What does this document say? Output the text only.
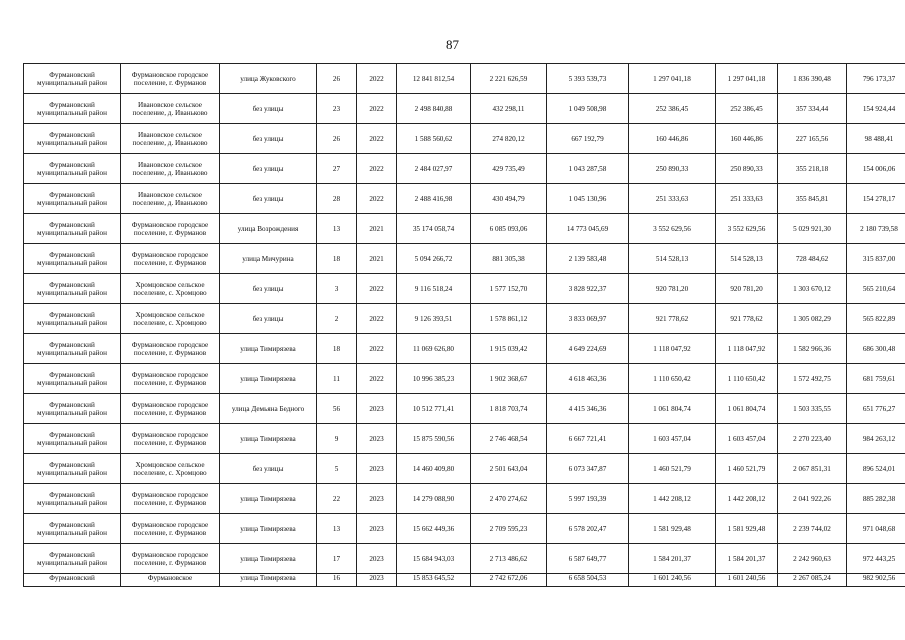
87
Фурмановский муниципальный район	Фурмановское городское поселение, г. Фурманов	улица Жуковского	26	2022	12 841 812,54	2 221 626,59	5 393 539,73	1 297 041,18	1 297 041,18	1 836 390,48	796 173,37
Фурмановский муниципальный район	Ивановское сельское поселение, д. Иваньково	без улицы	23	2022	2 498 840,88	432 298,11	1 049 508,98	252 386,45	252 386,45	357 334,44	154 924,44
Фурмановский муниципальный район	Ивановское сельское поселение, д. Иваньково	без улицы	26	2022	1 588 560,62	274 820,12	667 192,79	160 446,86	160 446,86	227 165,56	98 488,41
Фурмановский муниципальный район	Ивановское сельское поселение, д. Иваньково	без улицы	27	2022	2 484 027,97	429 735,49	1 043 287,58	250 890,33	250 890,33	355 218,18	154 006,06
Фурмановский муниципальный район	Ивановское сельское поселение, д. Иваньково	без улицы	28	2022	2 488 416,98	430 494,79	1 045 130,96	251 333,63	251 333,63	355 845,81	154 278,17
Фурмановский муниципальный район	Фурмановское городское поселение, г. Фурманов	улица Возрождения	13	2021	35 174 058,74	6 085 093,06	14 773 045,69	3 552 629,56	3 552 629,56	5 029 921,30	2 180 739,58
Фурмановский муниципальный район	Фурмановское городское поселение, г. Фурманов	улица Мичурина	18	2021	5 094 266,72	881 305,38	2 139 583,48	514 528,13	514 528,13	728 484,62	315 837,00
Фурмановский муниципальный район	Хромцовское сельское поселение, с. Хромцово	без улицы	3	2022	9 116 518,24	1 577 152,70	3 828 922,37	920 781,20	920 781,20	1 303 670,12	565 210,64
Фурмановский муниципальный район	Хромцовское сельское поселение, с. Хромцово	без улицы	2	2022	9 126 393,51	1 578 861,12	3 833 069,97	921 778,62	921 778,62	1 305 082,29	565 822,89
Фурмановский муниципальный район	Фурмановское городское поселение, г. Фурманов	улица Тимирязева	18	2022	11 069 626,80	1 915 039,42	4 649 224,69	1 118 047,92	1 118 047,92	1 582 966,36	686 300,48
Фурмановский муниципальный район	Фурмановское городское поселение, г. Фурманов	улица Тимирязева	11	2022	10 996 385,23	1 902 368,67	4 618 463,36	1 110 650,42	1 110 650,42	1 572 492,75	681 759,61
Фурмановский муниципальный район	Фурмановское городское поселение, г. Фурманов	улица Демьяна Бедного	56	2023	10 512 771,41	1 818 703,74	4 415 346,36	1 061 804,74	1 061 804,74	1 503 335,55	651 776,27
Фурмановский муниципальный район	Фурмановское городское поселение, г. Фурманов	улица Тимирязева	9	2023	15 875 590,56	2 746 468,54	6 667 721,41	1 603 457,04	1 603 457,04	2 270 223,40	984 263,12
Фурмановский муниципальный район	Хромцовское сельское поселение, с. Хромцово	без улицы	5	2023	14 460 409,80	2 501 643,04	6 073 347,87	1 460 521,79	1 460 521,79	2 067 851,31	896 524,01
Фурмановский муниципальный район	Фурмановское городское поселение, г. Фурманов	улица Тимирязева	22	2023	14 279 088,90	2 470 274,62	5 997 193,39	1 442 208,12	1 442 208,12	2 041 922,26	885 282,38
Фурмановский муниципальный район	Фурмановское городское поселение, г. Фурманов	улица Тимирязева	13	2023	15 662 449,36	2 709 595,23	6 578 202,47	1 581 929,48	1 581 929,48	2 239 744,02	971 048,68
Фурмановский муниципальный район	Фурмановское городское поселение, г. Фурманов	улица Тимирязева	17	2023	15 684 943,03	2 713 486,62	6 587 649,77	1 584 201,37	1 584 201,37	2 242 960,63	972 443,25
Фурмановский	Фурмановское	улица Тимирязева	16	2023	15 853 645,52	2 742 672,06	6 658 504,53	1 601 240,56	1 601 240,56	2 267 085,24	982 902,56
